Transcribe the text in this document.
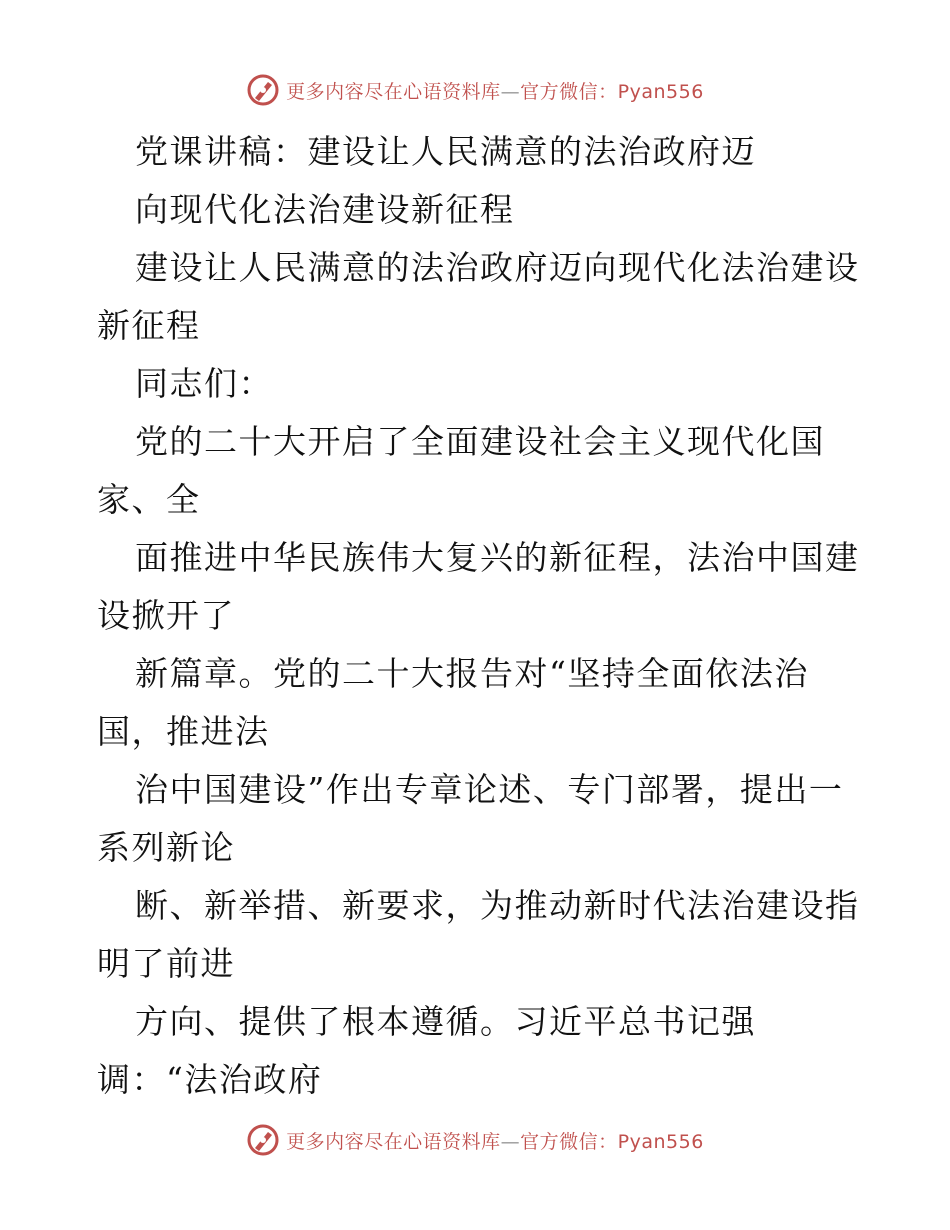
更多内容尽在心语资料库—官方微信：Pyan556
党课讲稿：建设让人民满意的法治政府迈
向现代化法治建设新征程
建设让人民满意的法治政府迈向现代化法治建设
新征程
同志们：
党的二十大开启了全面建设社会主义现代化国
家、全
面推进中华民族伟大复兴的新征程，法治中国建
设掀开了
新篇章。党的二十大报告对“坚持全面依法治
国，推进法
治中国建设”作出专章论述、专门部署，提出一
系列新论
断、新举措、新要求，为推动新时代法治建设指
明了前进
方向、提供了根本遵循。习近平总书记强
调：“法治政府
更多内容尽在心语资料库—官方微信：Pyan556
